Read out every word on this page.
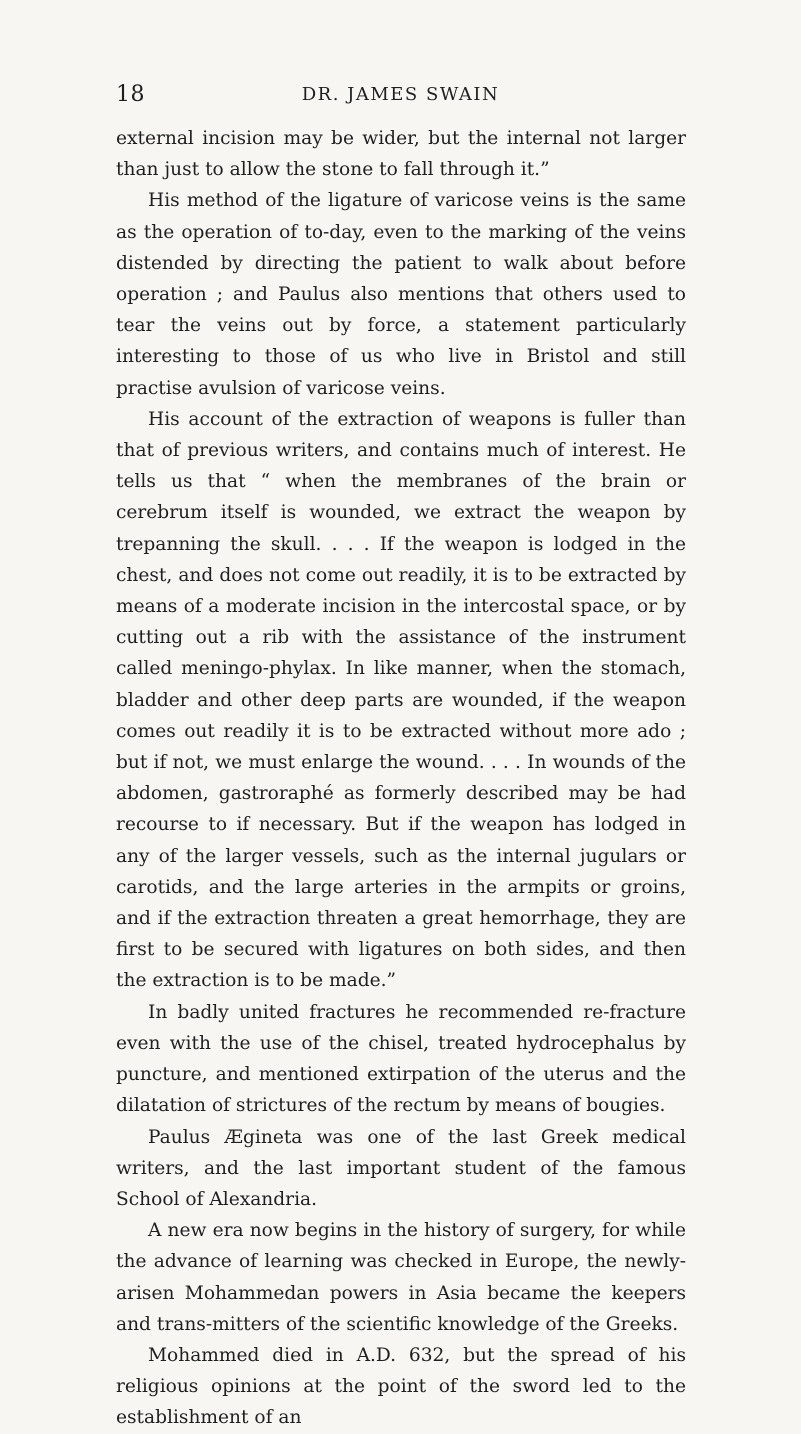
18	DR. JAMES SWAIN

external incision may be wider, but the internal not larger than just to allow the stone to fall through it.”

His method of the ligature of varicose veins is the same as the operation of to-day, even to the marking of the veins distended by directing the patient to walk about before operation ; and Paulus also mentions that others used to tear the veins out by force, a statement particularly interesting to those of us who live in Bristol and still practise avulsion of varicose veins.

His account of the extraction of weapons is fuller than that of previous writers, and contains much of interest. He tells us that “ when the membranes of the brain or cerebrum itself is wounded, we extract the weapon by trepanning the skull. . . . If the weapon is lodged in the chest, and does not come out readily, it is to be extracted by means of a moderate incision in the intercostal space, or by cutting out a rib with the assistance of the instrument called meningo-phylax. In like manner, when the stomach, bladder and other deep parts are wounded, if the weapon comes out readily it is to be extracted without more ado ; but if not, we must enlarge the wound. . . . In wounds of the abdomen, gastroraphé as formerly described may be had recourse to if necessary. But if the weapon has lodged in any of the larger vessels, such as the internal jugulars or carotids, and the large arteries in the armpits or groins, and if the extraction threaten a great hemorrhage, they are first to be secured with ligatures on both sides, and then the extraction is to be made.”

In badly united fractures he recommended re-fracture even with the use of the chisel, treated hydrocephalus by puncture, and mentioned extirpation of the uterus and the dilatation of strictures of the rectum by means of bougies.

Paulus Ægineta was one of the last Greek medical writers, and the last important student of the famous School of Alexandria.

A new era now begins in the history of surgery, for while the advance of learning was checked in Europe, the newly-arisen Mohammedan powers in Asia became the keepers and trans-mitters of the scientific knowledge of the Greeks.

Mohammed died in A.D. 632, but the spread of his religious opinions at the point of the sword led to the establishment of an
